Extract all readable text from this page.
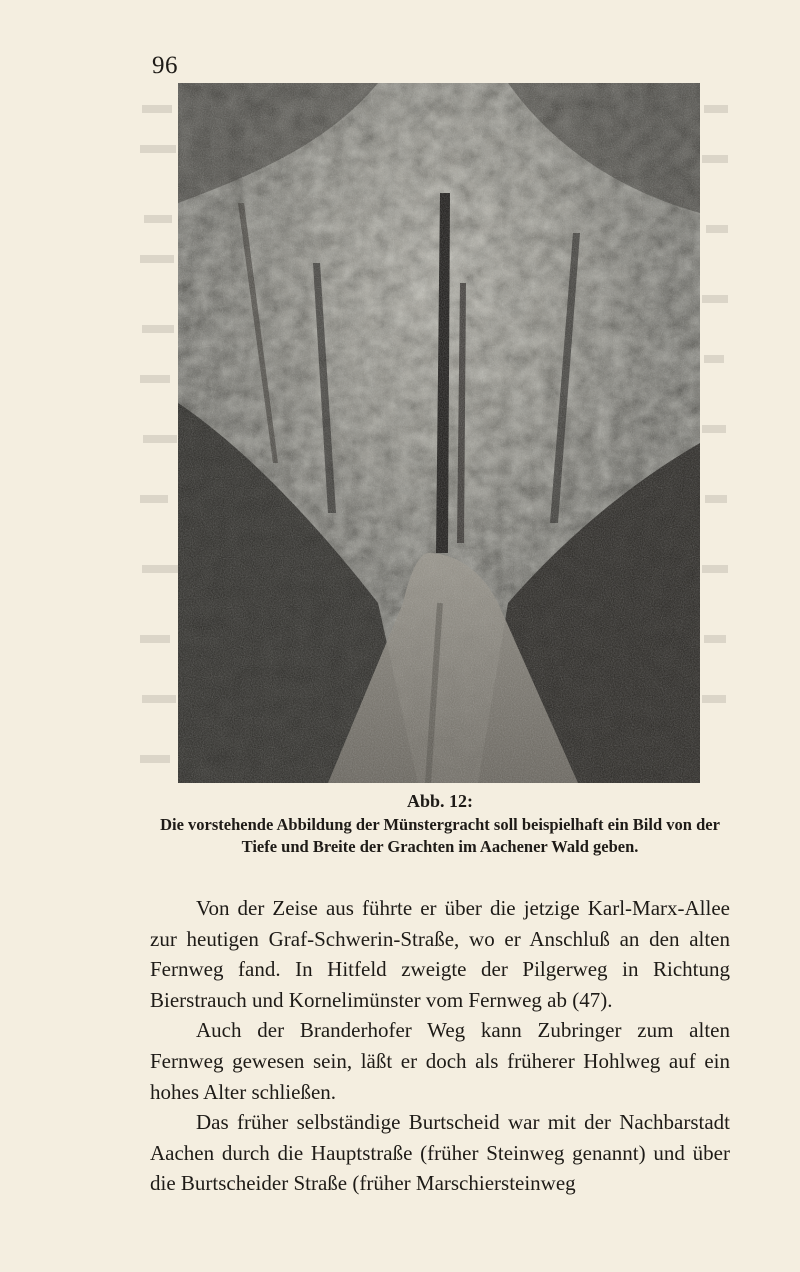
96
Abb. 12:
Die vorstehende Abbildung der Münstergracht soll beispielhaft ein Bild von der Tiefe und Breite der Grachten im Aachener Wald geben.

Von der Zeise aus führte er über die jetzige Karl-Marx-Allee zur heutigen Graf-Schwerin-Straße, wo er Anschluß an den alten Fernweg fand. In Hitfeld zweigte der Pilgerweg in Richtung Bierstrauch und Kornelimünster vom Fernweg ab (47).

Auch der Branderhofer Weg kann Zubringer zum alten Fernweg gewesen sein, läßt er doch als früherer Hohlweg auf ein hohes Alter schließen.

Das früher selbständige Burtscheid war mit der Nachbarstadt Aachen durch die Hauptstraße (früher Steinweg genannt) und über die Burtscheider Straße (früher Marschiersteinweg
